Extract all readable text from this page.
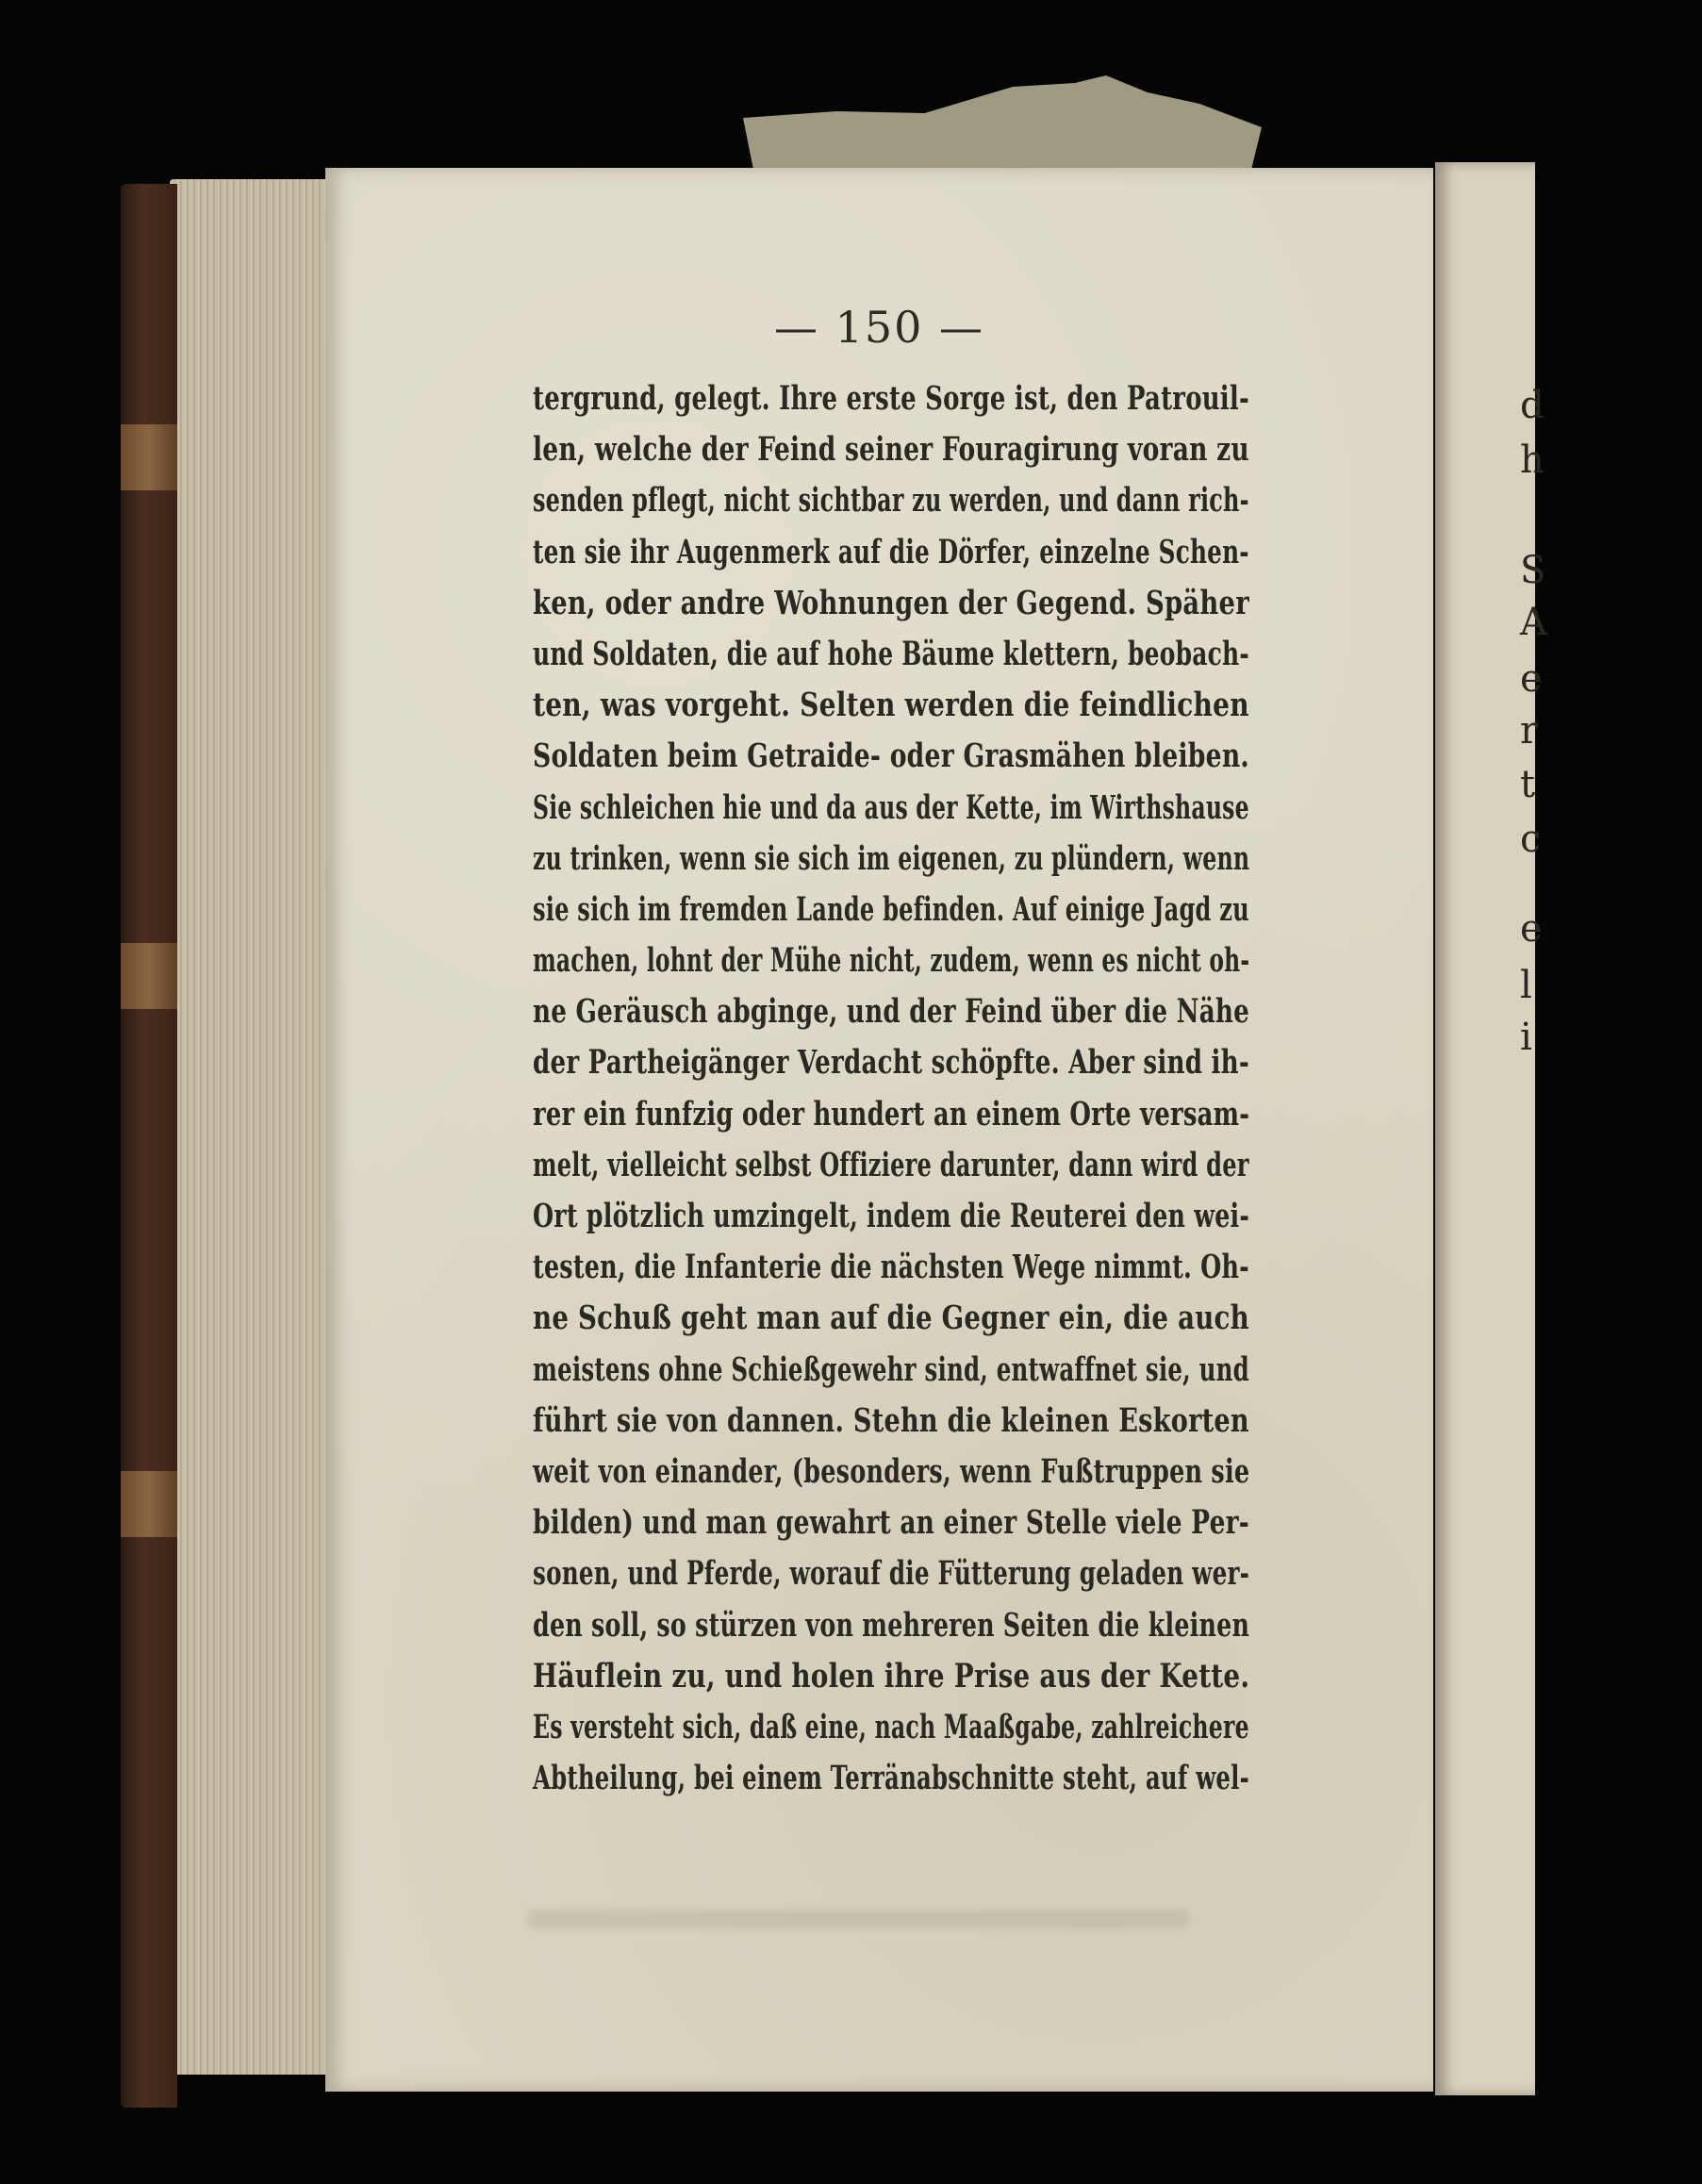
d
h
S
A
e
r
t
c
e
l
i
— 150 —
tergrund, gelegt. Ihre erste Sorge ist, den Patrouil-
len, welche der Feind seiner Fouragirung voran zu
senden pflegt, nicht sichtbar zu werden, und dann rich-
ten sie ihr Augenmerk auf die Dörfer, einzelne Schen-
ken, oder andre Wohnungen der Gegend. Späher
und Soldaten, die auf hohe Bäume klettern, beobach-
ten, was vorgeht. Selten werden die feindlichen
Soldaten beim Getraide- oder Grasmähen bleiben.
Sie schleichen hie und da aus der Kette, im Wirthshause
zu trinken, wenn sie sich im eigenen, zu plündern, wenn
sie sich im fremden Lande befinden. Auf einige Jagd zu
machen, lohnt der Mühe nicht, zudem, wenn es nicht oh-
ne Geräusch abginge, und der Feind über die Nähe
der Partheigänger Verdacht schöpfte. Aber sind ih-
rer ein funfzig oder hundert an einem Orte versam-
melt, vielleicht selbst Offiziere darunter, dann wird der
Ort plötzlich umzingelt, indem die Reuterei den wei-
testen, die Infanterie die nächsten Wege nimmt. Oh-
ne Schuß geht man auf die Gegner ein, die auch
meistens ohne Schießgewehr sind, entwaffnet sie, und
führt sie von dannen. Stehn die kleinen Eskorten
weit von einander, (besonders, wenn Fußtruppen sie
bilden) und man gewahrt an einer Stelle viele Per-
sonen, und Pferde, worauf die Fütterung geladen wer-
den soll, so stürzen von mehreren Seiten die kleinen
Häuflein zu, und holen ihre Prise aus der Kette.
Es versteht sich, daß eine, nach Maaßgabe, zahlreichere
Abtheilung, bei einem Terränabschnitte steht, auf wel-
